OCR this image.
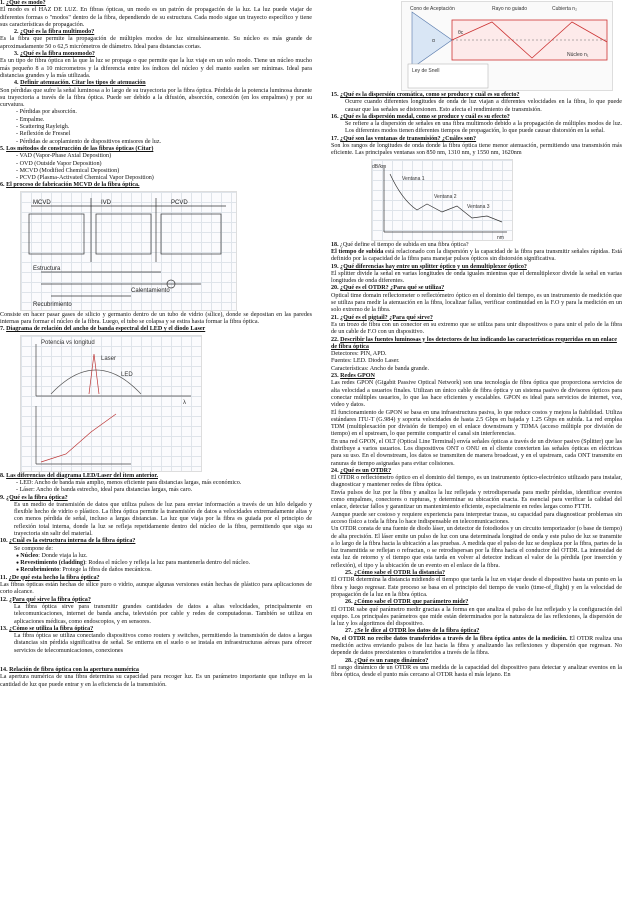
1. ¿Qué es modo?
El modo es el HAZ DE LUZ. En fibras ópticas, un modo es un patrón de propagación de la luz. La luz puede viajar de diferentes formas o "modos" dentro de la fibra, dependiendo de su estructura. Cada modo sigue un trayecto específico y tiene sus características de propagación.
2. ¿Qué es la fibra multimodo?
Es la fibra que permite la propagación de múltiples modos de luz simultáneamente. Su núcleo es más grande de aproximadamente 50 o 62,5 micrómetros de diámetro. Ideal para distancias cortas.
3. ¿Qué es la fibra monomodo?
Es un tipo de fibra óptica en la que la luz se propaga o que permite que la luz viaje en un solo modo. Tiene un núcleo mucho más pequeño 8 a 10 micrometros y la diferencia entre los índices del núcleo y del manto suelen ser mínimas. Ideal para distancias grandes y la más utilizada.
4. Definir atenuación. Citar los tipos de atenuación
Son pérdidas que sufre la señal luminosa a lo largo de su trayectoria por la fibra óptica. Pérdida de la potencia luminosa durante su trayectoria a través de la fibra óptica. Puede ser debido a la difusión, absorción, conexión (en los empalmes) y por su curvatura.
- Pérdidas por absorción.
- Empalme.
- Scattering Rayleigh.
- Reflexión de Fresnel
- Pérdidas de acoplamiento de dispositivos emisores de luz.
5. Los métodos de construcción de las fibras ópticas (Citar)
- VAD (Vapor-Phase Axial Deposition)
- OVD (Outside Vapor Deposition)
- MCVD (Modified Chemical Deposition)
- PCVD (Plasma-Activated Chemical Vapor Deposition)
6. El proceso de fabricación MCVD de la fibra óptica.
MCVD	IVD	PCVD
Estructura
Calentamiento
Recubrimiento
Consiste en hacer pasar gases de silicio y germanio dentro de un tubo de vidrio (sílice), donde se depositan en las paredes internas para formar el núcleo de la fibra. Luego, el tubo se colapsa y se estira hasta formar la fibra óptica.
7. Diagrama de relación del ancho de banda espectral del LED y el diodo Laser
Potencia vs longitud
LED
Laser
λ
8. Las diferencias del diagrama LED/Laser del ítem anterior.
- LED: Ancho de banda más amplio, menos eficiente para distancias largas, más económico.
- Láser: Ancho de banda estrecho, ideal para distancias largas, más caro.
9. ¿Qué es la fibra óptica?
Es un medio de transmisión de datos que utiliza pulsos de luz para enviar información a través de un hilo delgado y flexible hecho de vidrio o plástico. La fibra óptica permite la transmisión de datos a velocidades extremadamente altas y con menos pérdida de señal, incluso a largas distancias. La luz que viaja por la fibra es guiada por el principio de reflexión total interna, donde la luz se refleja repetidamente dentro del núcleo de la fibra, permitiendo que siga su trayectoria sin salir del material.
10. ¿Cuál es la estructura interna de la fibra óptica?
Se compone de:
● Núcleo: Donde viaja la luz.
● Revestimiento (cladding): Rodea el núcleo y refleja la luz para mantenerla dentro del núcleo.
● Recubrimiento: Protege la fibra de daños mecánicos.
11. ¿De qué esta hecho la fibra óptica?
Las fibras ópticas están hechas de sílice puro o vidrio, aunque algunas versiones están hechas de plástico para aplicaciones de corto alcance.
12. ¿Para qué sirve la fibra óptica?
La fibra óptica sirve para transmitir grandes cantidades de datos a altas velocidades, principalmente en telecomunicaciones, internet de banda ancha, televisión por cable y redes de computadoras. También se utiliza en aplicaciones médicas, como endoscopios, y en sensores.
13. ¿Cómo se utiliza la fibra óptica?
La fibra óptica se utiliza conectando dispositivos como routers y switches, permitiendo la transmisión de datos a largas distancias sin pérdida significativa de señal. Se entierra en el suelo o se instala en infraestructuras aéreas para ofrecer servicios de telecomunicaciones, conexiones
14. Relación de fibra óptica con la apertura numérica
La apertura numérica de una fibra determina su capacidad para recoger luz. Es un parámetro importante que influye en la cantidad de luz que puede entrar y en la eficiencia de la transmisión.
Cono de Aceptación	Rayo no guiado	Cubierta n₂
Núcleo n₁
Ley de Snell
α
θc
15. ¿Qué es la dispersión cromática, como se produce y cuál es su efecto?
Ocurre cuando diferentes longitudes de onda de luz viajan a diferentes velocidades en la fibra, lo que puede causar que las señales se distorsionen. Esto afecta el rendimiento de transmisión.
16. ¿Qué es la dispersión modal, como se produce y cuál es su efecto?
Se refiere a la dispersión de señales en una fibra multimodo debido a la propagación de múltiples modos de luz. Los diferentes modos tienen diferentes tiempos de propagación, lo que puede causar distorsión en la señal.
17. ¿Qué son las ventanas de transmisión? ¿Cuáles son?
Son los rangos de longitudes de onda donde la fibra óptica tiene menor atenuación, permitiendo una transmisión más eficiente. Las principales ventanas son 850 nm, 1310 nm, y 1550 nm, 1620nm
Ventana 1
Ventana 2
Ventana 3
dB/km
nm
18. ¿Qué define el tiempo de subida en una fibra óptica?
El tiempo de subida está relacionado con la dispersión y la capacidad de la fibra para transmitir señales rápidas. Está definido por la capacidad de la fibra para manejar pulsos ópticos sin distorsión significativa.
19. ¿Qué diferencias hay entre un splitter óptico y un demultiplexor óptico?
El splitter divide la señal en varias longitudes de onda iguales mientras que el demultiplexor divide la señal en varias longitudes de onda diferentes.
20. ¿Qué es el OTDR? ¿Para qué se utiliza?
Optical time domain reflectometer o reflectómetro óptico en el dominio del tiempo, es un instrumento de medición que se utiliza para medir la atenuación en la fibra, localizar fallas, verificar continuidad en la F.O y para la medición en un solo extremo de la fibra.
21. ¿Qué es el pigtail? ¿Para qué sirve?
Es un trozo de fibra con un conector en su extremo que se utiliza para unir dispositivos o para unir el pelo de la fibra de un cable de F.O con un dispositivo.
22. Describir las fuentes luminosas y los detectores de luz indicando las características requeridas en un enlace de fibra óptica
Detectores: PIN, APD.
Fuentes: LED. Diodo Laser.
Características: Ancho de banda grande.
23. Redes GPON
Las redes GPON (Gigabit Passive Optical Network) son una tecnología de fibra óptica que proporciona servicios de alta velocidad a usuarios finales. Utilizan un único cable de fibra óptica y un sistema pasivo de divisores ópticos para conectar múltiples usuarios, lo que las hace eficientes y escalables. GPON es ideal para servicios de internet, voz, video y datos.
El funcionamiento de GPON se basa en una infraestructura pasiva, lo que reduce costos y mejora la fiabilidad. Utiliza estándares ITU-T (G.984) y soporta velocidades de hasta 2.5 Gbps en bajada y 1.25 Gbps en subida. La red emplea TDM (multiplexación por división de tiempo) en el enlace downstream y TDMA (acceso múltiple por división de tiempo) en el upstream, lo que permite compartir el canal sin interferencias.
En una red GPON, el OLT (Optical Line Terminal) envía señales ópticas a través de un divisor pasivo (Splitter) que las distribuye a varios usuarios. Los dispositivos ONT o ONU en el cliente convierten las señales ópticas en eléctricas para su uso. En el downstream, los datos se transmiten de manera broadcast, y en el upstream, cada ONT transmite en ranuras de tiempo asignadas para evitar colisiones.
24. ¿Qué es un OTDR?
El OTDR o reflectómetro óptico en el dominio del tiempo, es un instrumento óptico-electrónico utilizado para instalar, diagnosticar y mantener redes de fibra óptica.
Envía pulsos de luz por la fibra y analiza la luz reflejada y retrodispersada para medir pérdidas, identificar eventos como empalmes, conectores o rupturas, y determinar su ubicación exacta. Es esencial para verificar la calidad del enlace, detectar fallos y garantizar un mantenimiento eficiente, especialmente en redes largas como FTTH.
Aunque puede ser costoso y requiere experiencia para interpretar trazas, su capacidad para diagnosticar problemas sin acceso físico a toda la fibra lo hace indispensable en telecomunicaciones.
Un OTDR consta de una fuente de diodo láser, un detector de fotodiodos y un circuito temporizador (o base de tiempo) de alta precisión. El láser emite un pulso de luz con una determinada longitud de onda y este pulso de luz se transmite a lo largo de la fibra hacia la ubicación a las pruebas. A medida que el pulso de luz se desplaza por la fibra, partes de la luz transmitida se reflejan o refractan, o se retrodispersan por la fibra hacia el conductor del OTDR. La intensidad de esta luz de retorno y el tiempo que esta tarda en volver al detector indican el valor de la pérdida (por inserción y reflexión), el tipo y la ubicación de un evento en el enlace de la fibra.
25. ¿Cómo sabe el OTDR la distancia?
El OTDR determina la distancia midiendo el tiempo que tarda la luz en viajar desde el dispositivo hasta un punto en la fibra y luego regresar. Este proceso se basa en el principio del tiempo de vuelo (time-of_flight) y en la velocidad de propagación de la luz en la fibra óptica.
26. ¿Cómo sabe el OTDR que parámetro mide?
El OTDR sabe qué parámetro medir gracias a la forma en que analiza el pulso de luz reflejado y la configuración del equipo. Los principales parámetros que mide están determinados por la naturaleza de las reflexiones, la dispersión de la luz y los algoritmos del dispositivo.
27. ¿Se le dice al OTDR los datos de la fibra óptica?
No, el OTDR no recibe datos transferidos a través de la fibra óptica antes de la medición. El OTDR realiza una medición activa enviando pulsos de luz hacia la fibra y analizando las reflexiones y dispersión que regresan. No depende de datos preexistentes o transferidos a través de la fibra.
28. ¿Qué es un rango dinámico?
El rango dinámico de un OTDR es una medida de la capacidad del dispositivo para detectar y analizar eventos en la fibra óptica, desde el punto más cercano al OTDR hasta el más lejano. En
